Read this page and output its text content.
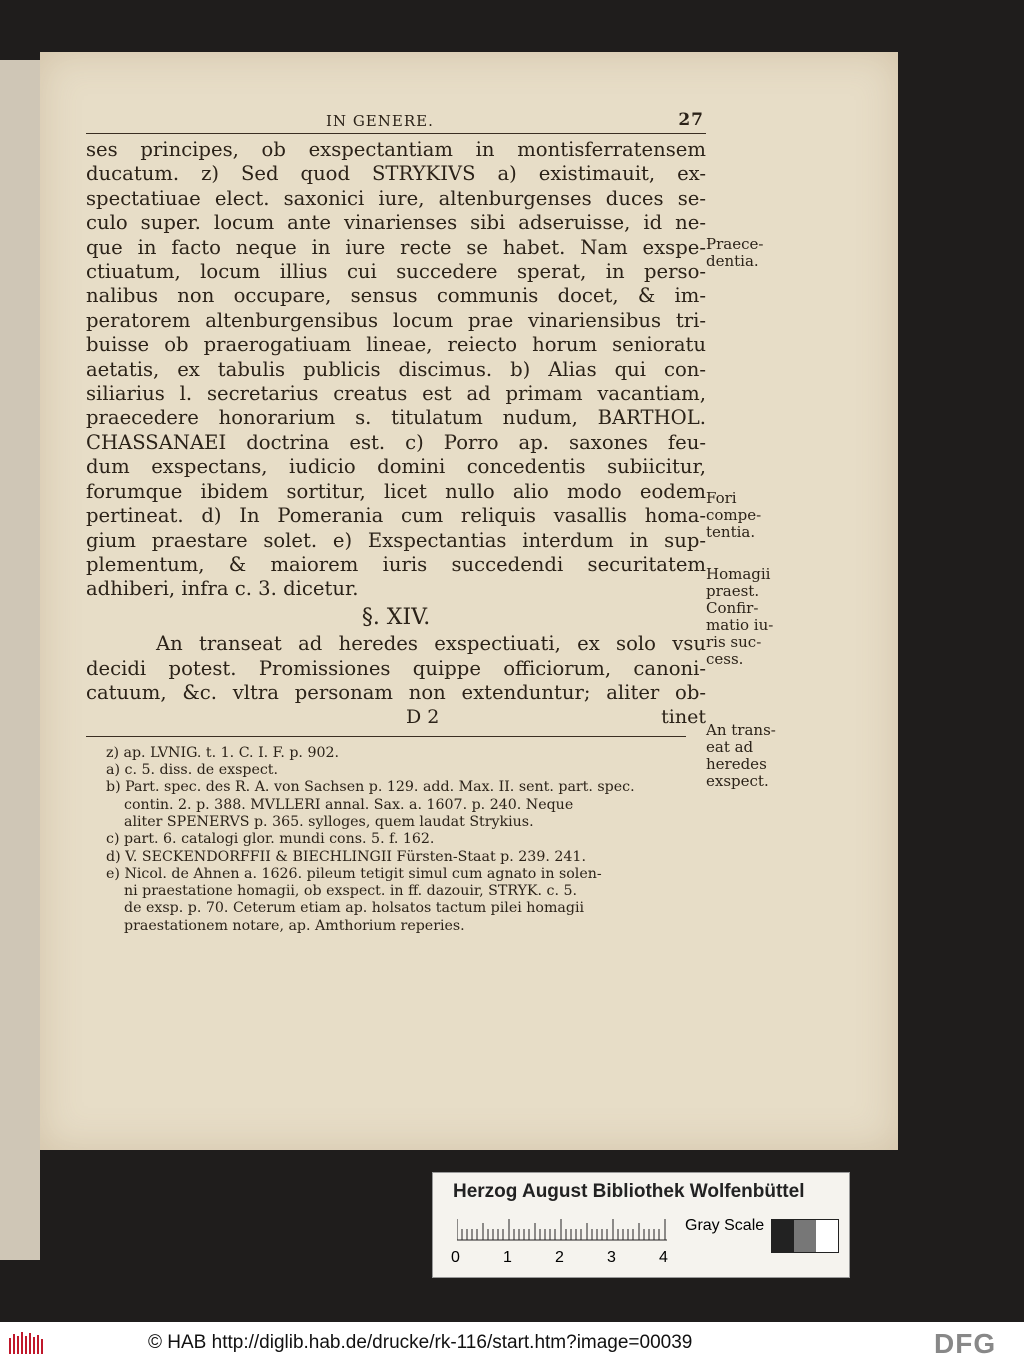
IN GENERE.	27
ses principes, ob exspectantiam in montisferratensem
ducatum. z) Sed quod STRYKIVS a) existimauit, ex-
spectatiuae elect. saxonici iure, altenburgenses duces se-
culo super. locum ante vinarienses sibi adseruisse, id ne-
que in facto neque in iure recte se habet. Nam exspe-
ctiuatum, locum illius cui succedere sperat, in perso-
nalibus non occupare, sensus communis docet, & im-
peratorem altenburgensibus locum prae vinariensibus tri-
buisse ob praerogatiuam lineae, reiecto horum senioratu
aetatis, ex tabulis publicis discimus. b) Alias qui con-
siliarius l. secretarius creatus est ad primam vacantiam,
praecedere honorarium s. titulatum nudum, BARTHOL.
CHASSANAEI doctrina est. c) Porro ap. saxones feu-
dum exspectans, iudicio domini concedentis subiicitur,
forumque ibidem sortitur, licet nullo alio modo eodem
pertineat. d) In Pomerania cum reliquis vasallis homa-
gium praestare solet. e) Exspectantias interdum in sup-
plementum, & maiorem iuris succedendi securitatem
adhiberi, infra c. 3. dicetur.
§. XIV.
An transeat ad heredes exspectiuati, ex solo vsu
decidi potest. Promissiones quippe officiorum, canoni-
catuum, &c. vltra personam non extenduntur; aliter ob-
D 2	tinet
z) ap. LVNIG. t. 1. C. I. F. p. 902.
a) c. 5. diss. de exspect.
b) Part. spec. des R. A. von Sachsen p. 129. add. Max. II. sent. part. spec.
contin. 2. p. 388. MVLLERI annal. Sax. a. 1607. p. 240. Neque
aliter SPENERVS p. 365. sylloges, quem laudat Strykius.
c) part. 6. catalogi glor. mundi cons. 5. f. 162.
d) V. SECKENDORFFII & BIECHLINGII Fürsten-Staat p. 239. 241.
e) Nicol. de Ahnen a. 1626. pileum tetigit simul cum agnato in solen-
ni praestatione homagii, ob exspect. in ff. dazouir, STRYK. c. 5.
de exsp. p. 70. Ceterum etiam ap. holsatos tactum pilei homagii
praestationem notare, ap. Amthorium reperies.
Praece-
dentia.
Fori
compe-
tentia.
Homagii
praest.
Confir-
matio iu-
ris suc-
cess.
An trans-
eat ad
heredes
exspect.
Herzog August Bibliothek Wolfenbüttel
0	1	2	3	4
Gray Scale
© HAB http://diglib.hab.de/drucke/rk-116/start.htm?image=00039	DFG
